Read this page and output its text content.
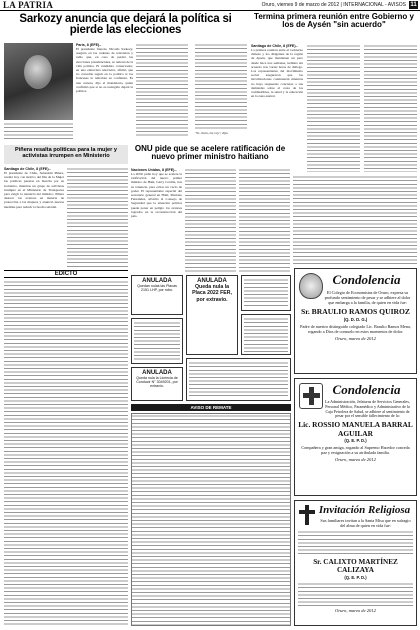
LA PATRIA	Oruro, viernes 9 de marzo de 2012 | INTERNACIONAL - AVISOS 11
Sarkozy anuncia que dejará la política si pierde las elecciones
París, 8 (EFE).-
El presidente francés, Nicolás Sarkozy, aseguró en las cadenas de televisión y radio que, en caso de perder las elecciones presidenciales, se retirará de la vida política. El candidato conservador, en una entrevista televisiva, afirmó que no concebía seguir en la política si los franceses le retiraban su confianza. Es una certeza, dijo el mandatario, quien confirmó que si no es reelegido dejará la política.
"Sí, claro, me voy", dijo.
Piñera resalta políticas para la mujer y activistas irrumpen en Ministerio
Santiago de Chile, 8 (EFE).-
El presidente de Chile, Sebastián Piñera, resaltó hoy con motivo del Día de la Mujer las políticas puestas en marcha por su Gobierno, mientras un grupo de activistas irrumpió en el Ministerio de Transportes para exigir la renuncia del ministro. Piñera destacó los avances en materia de protección a las mujeres y anunció nuevas medidas para reducir la brecha salarial.
Termina primera reunión entre Gobierno y los de Aysén "sin acuerdo"
Santiago de Chile, 8 (EFE).-
La primera reunión entre el Gobierno chileno y los dirigentes de la región de Aysén, que mantienen un paro desde hace tres semanas, terminó sin acuerdo tras varias horas de diálogo. Los representantes del movimiento social aseguraron que las movilizaciones continuarán mientras no haya respuestas concretas a sus demandas sobre el costo de los combustibles, la salud y la educación en la zona austral.
ONU pide que se acelere ratificación de nuevo primer ministro haitiano
Naciones Unidas, 8 (EFE).-
La ONU pidió hoy que se acelere la ratificación del nuevo primer ministro de Haití, Garry Conille, tras su renuncia, para evitar un vacío de poder. El representante especial del secretario general en Haití, Mariano Fernández, advirtió al Consejo de Seguridad que la situación política puede poner en peligro los avances logrados en la reconstrucción del país.
EDICTO
ANULADA
Quedan nulas las Placas 2151 LHP, por robo.
ANULADA
Queda nula la Placa 2022 FER, por extravío.
ANULADA
Queda nula la Licencia de Conducir N° 3049201, por extravío.
AVISO DE REMATE
Condolencia
El Colegio de Economistas de Oruro, expresa su profundo sentimiento de pesar y se adhiere al dolor que embarga a la familia, de quien en vida fue:
Sr. BRAULIO RAMOS QUIROZ
(Q. D. D. G.)
Padre de nuestro distinguido colegiado Lic. Braulio Ramos Mena, rogando a Dios de consuelo en estos momentos de dolor.
Oruro, marzo de 2012
Condolencia
La Administración, Jefaturas de Servicios Generales, Personal Médico, Paramédico y Administrativo de la Caja Petrolera de Salud, se adhiere al sentimiento de pesar por el sensible fallecimiento de la:
Lic. ROSSIO MANUELA BARRAL AGUILAR
(Q. E. P. D.)
Compañera y gran amiga, rogando al Supremo Hacedor conceda paz y resignación a su atribulada familia.
Oruro, marzo de 2012
Invitación Religiosa
Sus familiares invitan a la Santa Misa que en sufragio del alma de quien en vida fue:
Sr. CALIXTO MARTÍNEZ CALIZAYA
(Q. E. P. D.)
Oruro, marzo de 2012
